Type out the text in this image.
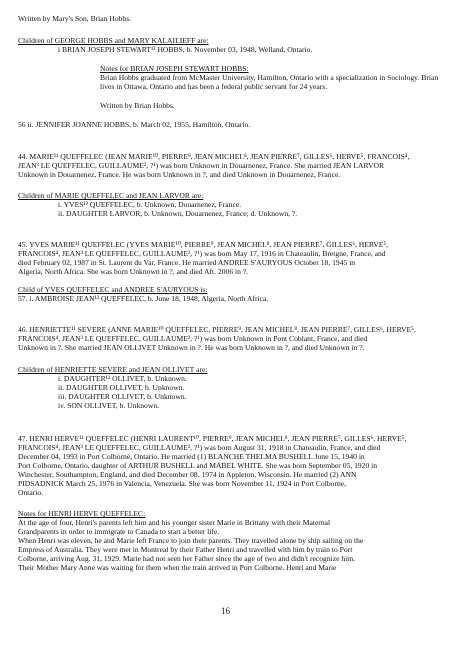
Written by Mary's Son, Brian Hobbs.
Children of GEORGE HOBBS and MARY KALAILIEFF are:
i BRIAN JOSEPH STEWART¹² HOBBS, b. November 03, 1948, Welland, Ontario.
Notes for BRIAN JOSEPH STEWART HOBBS:
Brian Hobbs graduated from McMaster University, Hamilton, Ontario with a specialization in Sociology. Brian
lives in Ottawa, Ontario and has been a federal public servant for 24 years.
Written by Brian Hobbs.
56 ii. JENNIFER JOANNE HOBBS, b. March 02, 1955, Hamilton, Ontario.
44. MARIE¹¹ QUEFFELEC (JEAN MARIE¹⁰, PIERRE⁹, JEAN MICHEL⁸, JEAN PIERRE⁷, GILLES⁶, HERVE⁵, FRANCOIS⁴,
JEAN³ LE QUEFFELEC, GUILLAUME², ?¹) was born Unknown in Douarnenez, France. She married JEAN LARVOR
Unknown in Douarnenez, France. He was born Unknown in ?, and died Unknown in Douarnenez, France.
Children of MARIE QUEFFELEC and JEAN LARVOR are:
i. YVES¹² QUEFFELEC, b. Unknown, Douarnenez, France.
ii. DAUGHTER LARVOR, b. Unknown, Douarnenez, France; d. Unknown, ?.
45. YVES MARIE¹¹ QUEFFELEC (YVES MARIE¹⁰, PIERRE⁹, JEAN MICHEL⁸, JEAN PIERRE⁷, GILLES⁶, HERVE⁵,
FRANCOIS⁴, JEAN³ LE QUEFFELEC, GUILLAUME², ?¹) was born May 17, 1916 in Chateaulin, Bretgne, France, and
died February 02, 1987 in St. Laurent du Var, France. He married ANDREE S'AURYOUS October 18, 1945 in
Algeria, North Africa. She was born Unknown in ?, and died Aft. 2006 in ?.
Child of YVES QUEFFELEC and ANDREE S'AURYOUS is:
57. i. AMBROISE JEAN¹² QUEFFELEC, b. June 18, 1948, Algeria, North Africa.
46. HENRIETTE¹¹ SEVERE (ANNE MARIE¹⁰ QUEFFELEC, PIERRE⁹, JEAN MICHEL⁸, JEAN PIERRE⁷, GILLES⁶, HERVE⁵,
FRANCOIS⁴, JEAN³ LE QUEFFELEC, GUILLAUME², ?¹) was born Unknown in Pont Coblant, France, and died
Unknown in ?. She married JEAN OLLIVET Unknown in ?. He was born Unknown in ?, and died Unknown in ?.
Children of HENRIETTE SEVERE and JEAN OLLIVET are:
i. DAUGHTER¹² OLLIVET, b. Unknown.
ii. DAUGHTER OLLIVET, b. Unknown.
iii. DAUGHTER OLLIVET, b. Unknown.
iv. SON OLLIVET, b. Unknown.
47. HENRI HERVE¹¹ QUEFFELEC (HENRI LAURENT¹⁰, PIERRE⁹, JEAN MICHEL⁸, JEAN PIERRE⁷, GILLES⁶, HERVE⁵,
FRANCOIS⁴, JEAN³ LE QUEFFELEC, GUILLAUME², ?¹) was born August 31, 1918 in Chateaulin, France, and died
December 04, 1993 in Port Colborne, Ontario. He married (1) BLANCHE THELMA BUSHELL June 15, 1940 in
Port Colborne, Ontario, daughter of ARTHUR BUSHELL and MABEL WHITE. She was born September 05, 1920 in
Winchester, Southampton, England, and died December 08, 1974 in Appleton, Wisconsin. He married (2) ANN
PIDSADNICK March 25, 1976 in Valencia, Venezuela. She was born November 11, 1924 in Port Colborne,
Ontario.
Notes for HENRI HERVE QUEFFELEC:
At the age of four, Henri's parents left him and his younger sister Marie in Brittany with their Maternal
Grandparents in order to immigrate to Canada to start a better life.
When Henri was eleven, he and Marie left France to join their parents. They travelled alone by ship sailing on the
Empress of Australia. They were met in Montreal by their Father Henri and travelled with him by train to Port
Colborne, arriving Aug. 31, 1929. Marie had not seen her Father since the age of two and didn't recognize him.
Their Mother Mary Anne was waiting for them when the train arrived in Port Colborne. Henri and Marie
16
